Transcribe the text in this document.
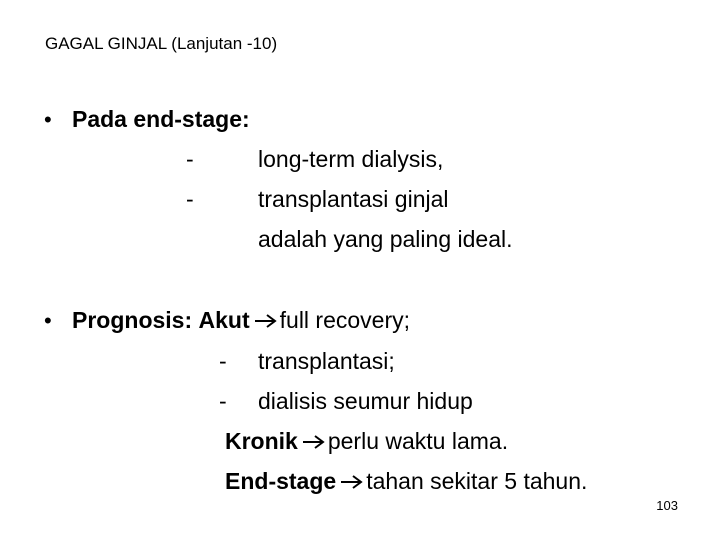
GAGAL GINJAL (Lanjutan -10)
• Pada end-stage:
-	long-term dialysis,
-	transplantasi ginjal
adalah yang paling ideal.
• Prognosis: Akut full recovery;
- transplantasi;
- dialisis seumur hidup
Kronik perlu waktu lama.
End-stage tahan sekitar 5 tahun.
103
